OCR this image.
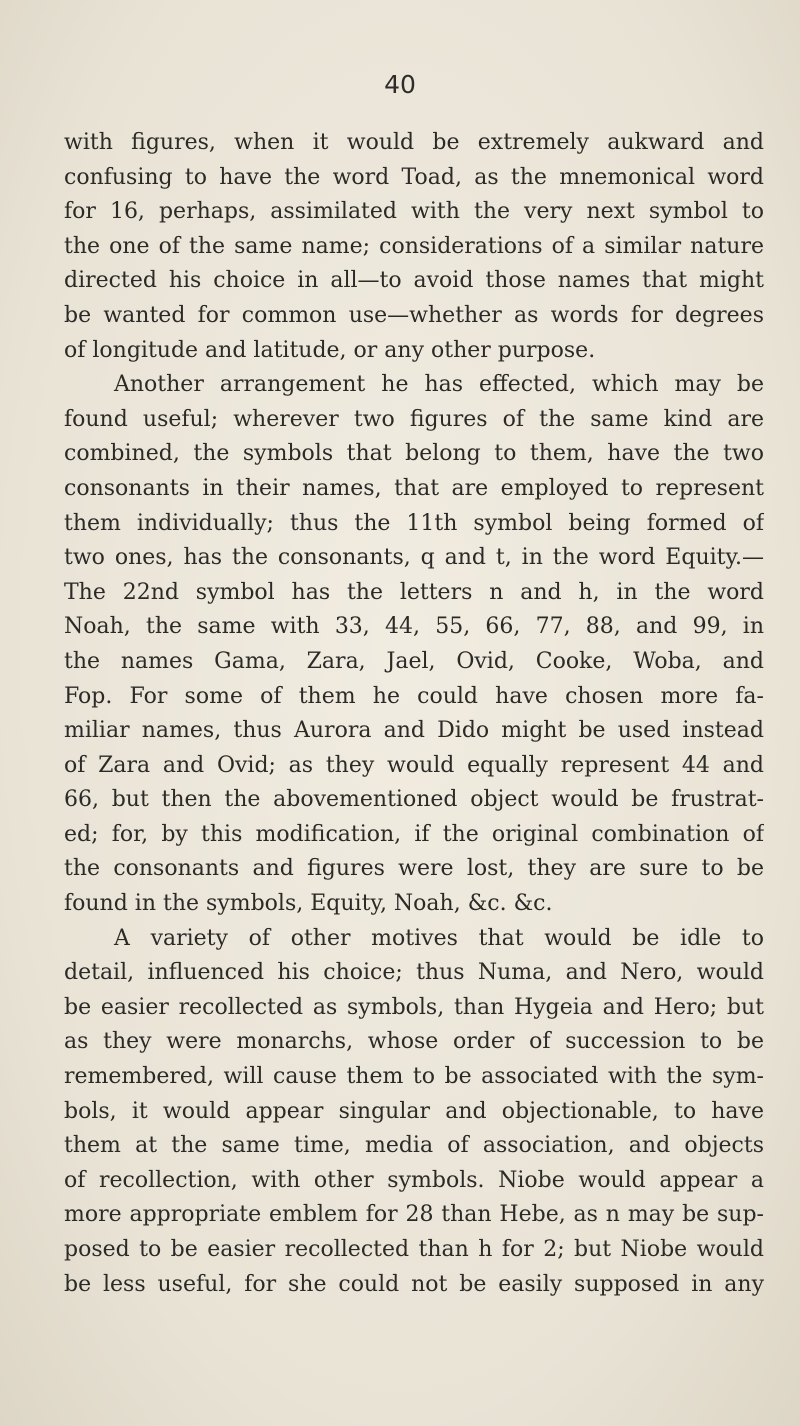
40
with figures, when it would be extremely aukward and
confusing to have the word Toad, as the mnemonical word
for 16, perhaps, assimilated with the very next symbol to
the one of the same name; considerations of a similar nature
directed his choice in all—to avoid those names that might
be wanted for common use—whether as words for degrees
of longitude and latitude, or any other purpose.
Another arrangement he has effected, which may be
found useful; wherever two figures of the same kind are
combined, the symbols that belong to them, have the two
consonants in their names, that are employed to represent
them individually; thus the 11th symbol being formed of
two ones, has the consonants, q and t, in the word Equity.—
The 22nd symbol has the letters n and h, in the word
Noah, the same with 33, 44, 55, 66, 77, 88, and 99, in
the names Gama, Zara, Jael, Ovid, Cooke, Woba, and
Fop. For some of them he could have chosen more fa-
miliar names, thus Aurora and Dido might be used instead
of Zara and Ovid; as they would equally represent 44 and
66, but then the abovementioned object would be frustrat-
ed; for, by this modification, if the original combination of
the consonants and figures were lost, they are sure to be
found in the symbols, Equity, Noah, &c. &c.
A variety of other motives that would be idle to
detail, influenced his choice; thus Numa, and Nero, would
be easier recollected as symbols, than Hygeia and Hero; but
as they were monarchs, whose order of succession to be
remembered, will cause them to be associated with the sym-
bols, it would appear singular and objectionable, to have
them at the same time, media of association, and objects
of recollection, with other symbols. Niobe would appear a
more appropriate emblem for 28 than Hebe, as n may be sup-
posed to be easier recollected than h for 2; but Niobe would
be less useful, for she could not be easily supposed in any
